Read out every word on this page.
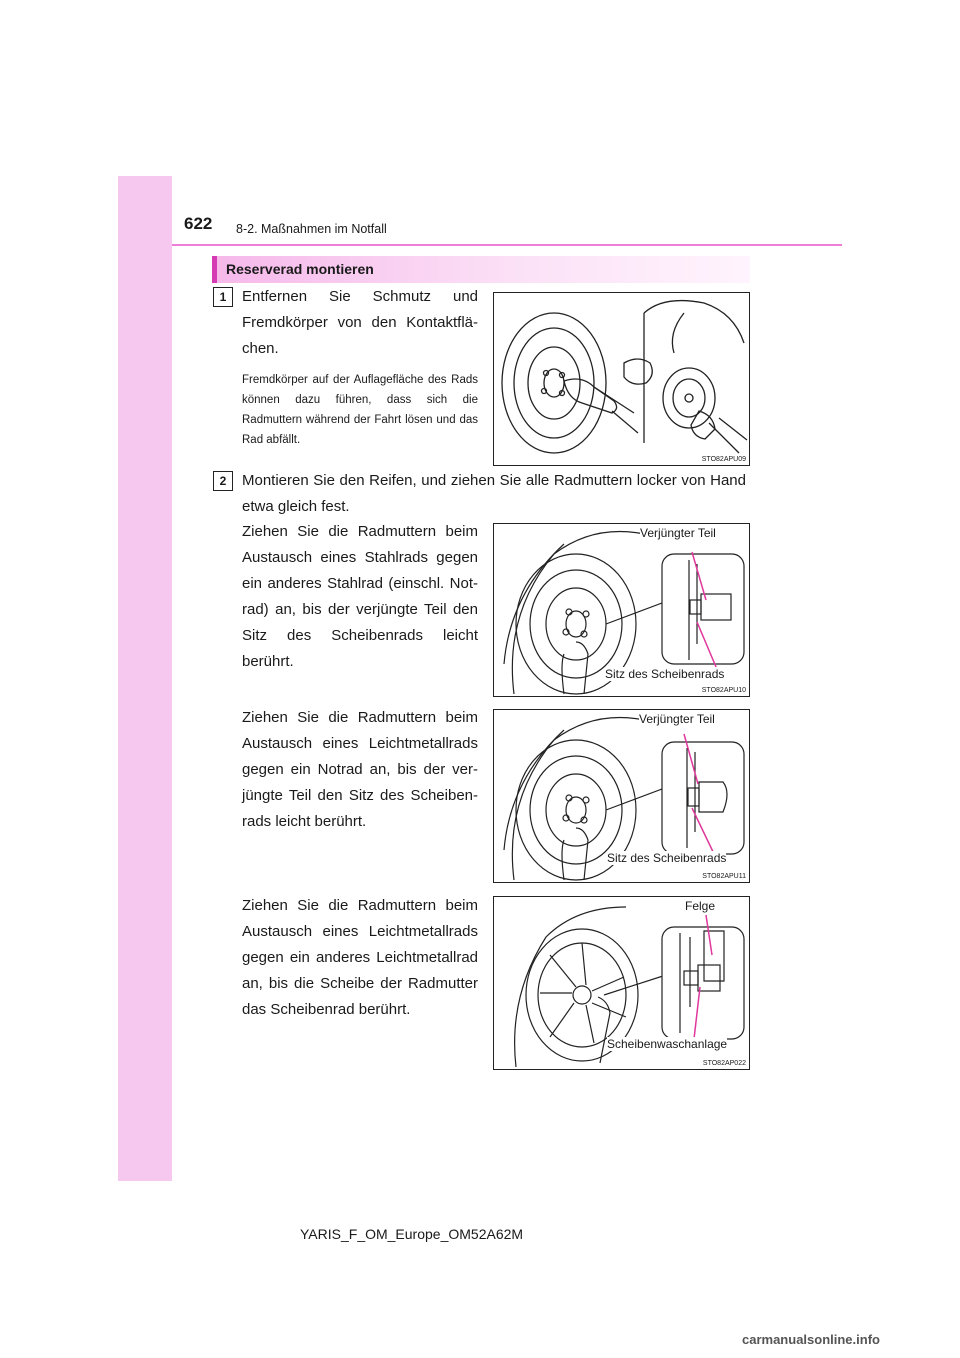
622 8-2. Maßnahmen im Notfall
Reserverad montieren
1	Entfernen Sie Schmutz und Fremdkörper von den Kontaktflä-chen.
Fremdkörper auf der Auflagefläche des Rads können dazu führen, dass sich die Radmuttern während der Fahrt lösen und das Rad abfällt.
STO82APU09
2	Montieren Sie den Reifen, und ziehen Sie alle Radmuttern locker von Hand etwa gleich fest.
Ziehen Sie die Radmuttern beim Austausch eines Stahlrads gegen ein anderes Stahlrad (einschl. Not-rad) an, bis der verjüngte Teil den Sitz des Scheibenrads leicht berührt.
Verjüngter Teil
Sitz des Scheibenrads
STO82APU10
Ziehen Sie die Radmuttern beim Austausch eines Leichtmetallrads gegen ein Notrad an, bis der ver-jüngte Teil den Sitz des Scheiben-rads leicht berührt.
Verjüngter Teil
Sitz des Scheibenrads
STO82APU11
Ziehen Sie die Radmuttern beim Austausch eines Leichtmetallrads gegen ein anderes Leichtmetallrad an, bis die Scheibe der Radmutter das Scheibenrad berührt.
Felge
Scheibenwaschanlage
STO82AP022
YARIS_F_OM_Europe_OM52A62M
carmanualsonline.info
